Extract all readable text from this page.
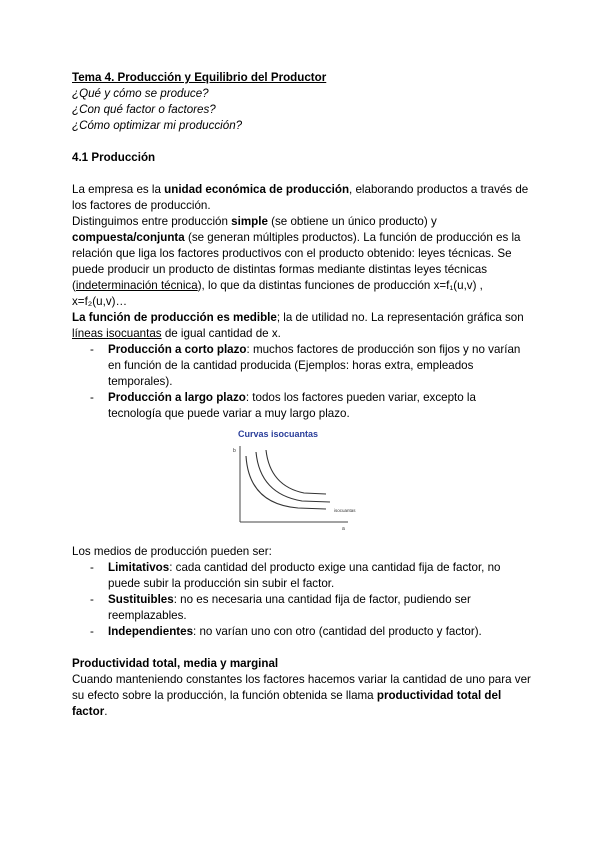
Tema 4. Producción y Equilibrio del Productor
¿Qué y cómo se produce?
¿Con qué factor o factores?
¿Cómo optimizar mi producción?
4.1 Producción

La empresa es la unidad económica de producción, elaborando productos a través de los factores de producción.

Distinguimos entre producción simple (se obtiene un único producto) y compuesta/conjunta (se generan múltiples productos). La función de producción es la relación que liga los factores productivos con el producto obtenido: leyes técnicas. Se puede producir un producto de distintas formas mediante distintas leyes técnicas (indeterminación técnica), lo que da distintas funciones de producción x=f₁(u,v) , x=f₂(u,v)…

La función de producción es medible; la de utilidad no. La representación gráfica son líneas isocuantas de igual cantidad de x.

- Producción a corto plazo: muchos factores de producción son fijos y no varían en función de la cantidad producida (Ejemplos: horas extra, empleados temporales).
- Producción a largo plazo: todos los factores pueden variar, excepto la tecnología que puede variar a muy largo plazo.
Curvas isocuantas
b
isocuantas
a

Los medios de producción pueden ser:

- Limitativos: cada cantidad del producto exige una cantidad fija de factor, no puede subir la producción sin subir el factor.
- Sustituibles: no es necesaria una cantidad fija de factor, pudiendo ser reemplazables.
- Independientes: no varían uno con otro (cantidad del producto y factor).
Productividad total, media y marginal

Cuando manteniendo constantes los factores hacemos variar la cantidad de uno para ver su efecto sobre la producción, la función obtenida se llama productividad total del factor.
